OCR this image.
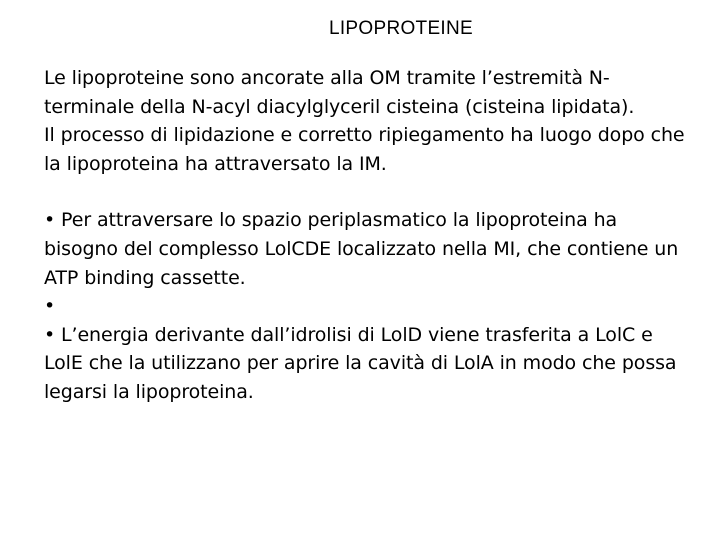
LIPOPROTEINE

Le lipoproteine sono ancorate alla OM tramite l’estremità N-terminale della N-acyl diacylglyceril cisteina (cisteina lipidata).

Il processo di lipidazione e corretto ripiegamento ha luogo dopo che la lipoproteina ha attraversato la IM.

• Per attraversare lo spazio periplasmatico la lipoproteina ha bisogno del complesso LolCDE localizzato nella MI, che contiene un ATP binding cassette.

•

• L’energia derivante dall’idrolisi di LolD viene trasferita a LolC e LolE che la utilizzano per aprire la cavità di LolA in modo che possa legarsi la lipoproteina.
